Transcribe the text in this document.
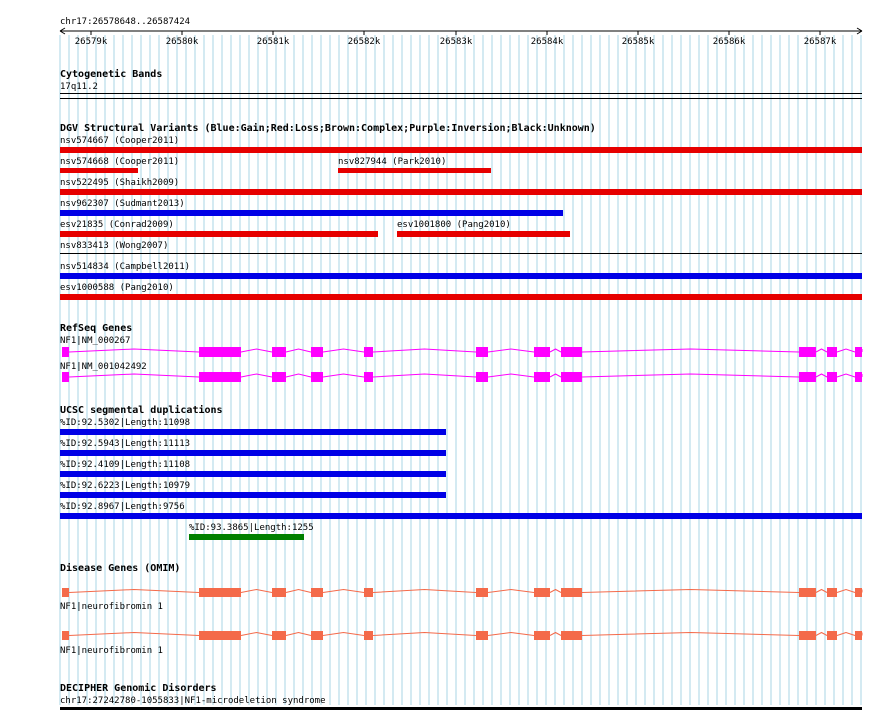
chr17:26578648..26587424
26579k	26580k	26581k	26582k	26583k	26584k	26585k	26586k	26587k
Cytogenetic Bands
17q11.2
DGV Structural Variants (Blue:Gain;Red:Loss;Brown:Complex;Purple:Inversion;Black:Unknown)
nsv574667 (Cooper2011)
nsv574668 (Cooper2011)	nsv827944 (Park2010)
nsv522495 (Shaikh2009)
nsv962307 (Sudmant2013)
esv21835 (Conrad2009)	esv1001800 (Pang2010)
nsv833413 (Wong2007)
nsv514834 (Campbell2011)
esv1000588 (Pang2010)
RefSeq Genes
NF1|NM_000267
NF1|NM_001042492
UCSC segmental duplications
%ID:92.5302|Length:11098
%ID:92.5943|Length:11113
%ID:92.4109|Length:11108
%ID:92.6223|Length:10979
%ID:92.8967|Length:9756
%ID:93.3865|Length:1255
Disease Genes (OMIM)
NF1|neurofibromin 1
NF1|neurofibromin 1
DECIPHER Genomic Disorders
chr17:27242780-1055833|NF1-microdeletion syndrome
